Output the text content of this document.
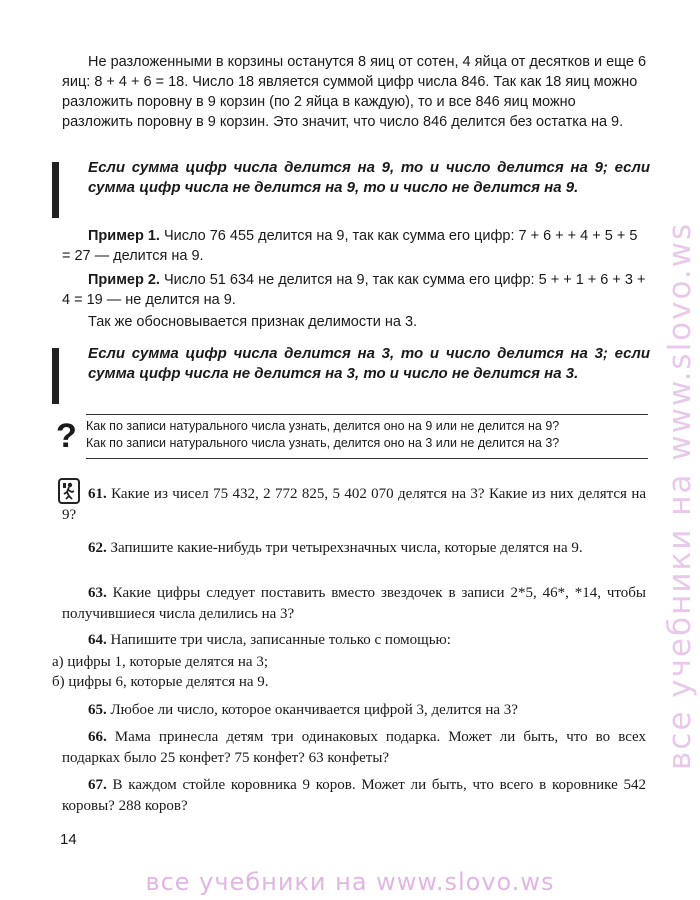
Не разложенными в корзины останутся 8 яиц от сотен, 4 яйца от десятков и еще 6 яиц: 8 + 4 + 6 = 18. Число 18 является суммой цифр числа 846. Так как 18 яиц можно разложить поровну в 9 корзин (по 2 яйца в каждую), то и все 846 яиц можно разложить поровну в 9 корзин. Это значит, что число 846 делится без остатка на 9.

Если сумма цифр числа делится на 9, то и число делится на 9; если сумма цифр числа не делится на 9, то и число не делится на 9.

Пример 1. Число 76 455 делится на 9, так как сумма его цифр: 7 + 6 + + 4 + 5 + 5 = 27 — делится на 9.

Пример 2. Число 51 634 не делится на 9, так как сумма его цифр: 5 + + 1 + 6 + 3 + 4 = 19 — не делится на 9.

Так же обосновывается признак делимости на 3.

Если сумма цифр числа делится на 3, то и число делится на 3; если сумма цифр числа не делится на 3, то и число не делится на 3.

? Как по записи натурального числа узнать, делится оно на 9 или не делится на 9?
Как по записи натурального числа узнать, делится оно на 3 или не делится на 3?

61. Какие из чисел 75 432, 2 772 825, 5 402 070 делятся на 3? Какие из них делятся на 9?

62. Запишите какие-нибудь три четырехзначных числа, которые делятся на 9.

63. Какие цифры следует поставить вместо звездочек в записи 2*5, 46*, *14, чтобы получившиеся числа делились на 3?

64. Напишите три числа, записанные только с помощью:

а) цифры 1, которые делятся на 3;
б) цифры 6, которые делятся на 9.

65. Любое ли число, которое оканчивается цифрой 3, делится на 3?

66. Мама принесла детям три одинаковых подарка. Может ли быть, что во всех подарках было 25 конфет? 75 конфет? 63 конфеты?

67. В каждом стойле коровника 9 коров. Может ли быть, что всего в коровнике 542 коровы? 288 коров?

14
все учебники на www.slovo.ws
все учебники на www.slovo.ws
